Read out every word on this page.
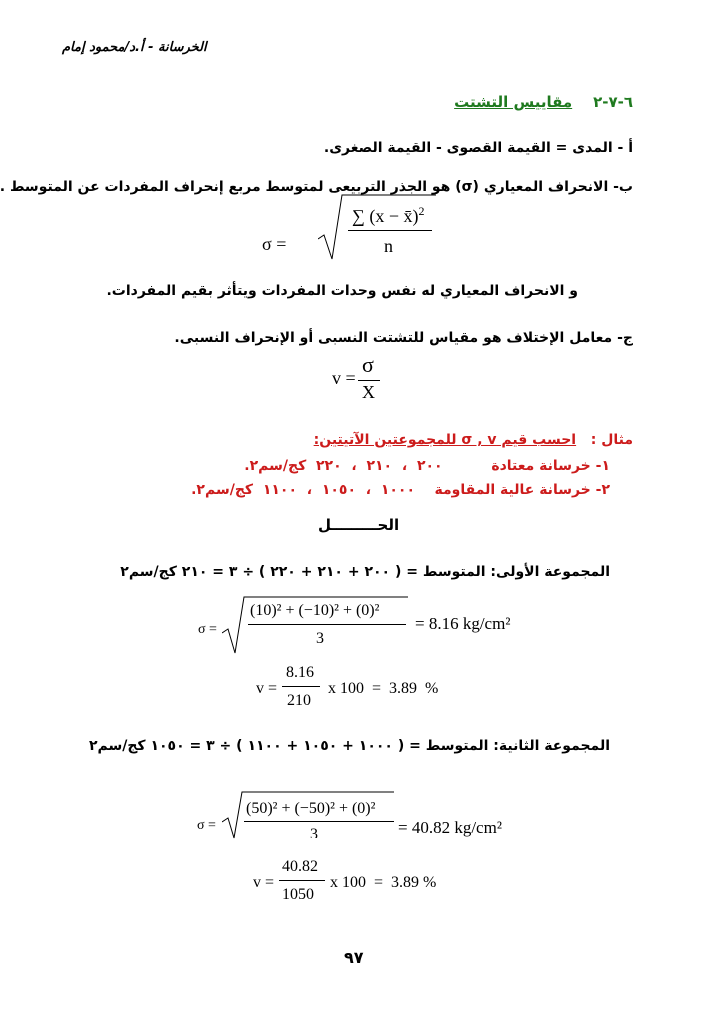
الخرسانة - أ.د/محمود إمام
٦-٧-٢    مقاييس التشتت
أ - المدى = القيمة القصوى - القيمة الصغرى.
ب- الانحراف المعياري (σ) هو الجذر التربيعى لمتوسط مربع إنحراف المفردات عن المتوسط .
σ =
∑ (x − x̄)$^2$
n
و الانحراف المعياري له نفس وحدات المفردات ويتأثر بقيم المفردات.
ج- معامل الإختلاف هو مقياس للتشتت النسبى أو الإنحراف النسبى.
v =
σ
X
مثال :   احسب قيم σ , v للمجموعتين الآتيتين:
١- خرسانة معتادة          ٢٠٠  ،  ٢١٠  ،  ٢٢٠  كج/سم٢.
٢- خرسانة عالية المقاومة    ١٠٠٠  ،  ١٠٥٠  ،  ١١٠٠  كج/سم٢.
الحـــــــــل
المجموعة الأولى: المتوسط = ( ٢٠٠ + ٢١٠ + ٢٢٠ ) ÷ ٣ = ٢١٠ كج/سم٢
σ =
(10)² + (−10)² + (0)²
3
= 8.16 kg/cm²
v =
8.16
210
x 100  =  3.89  %
المجموعة الثانية: المتوسط = ( ١٠٠٠ + ١٠٥٠ + ١١٠٠ ) ÷ ٣ = ١٠٥٠ كج/سم٢
σ =
(50)² + (−50)² + (0)²
3	= 40.82 kg/cm²
v =
40.82
1050
x 100  =  3.89 %
٩٧
